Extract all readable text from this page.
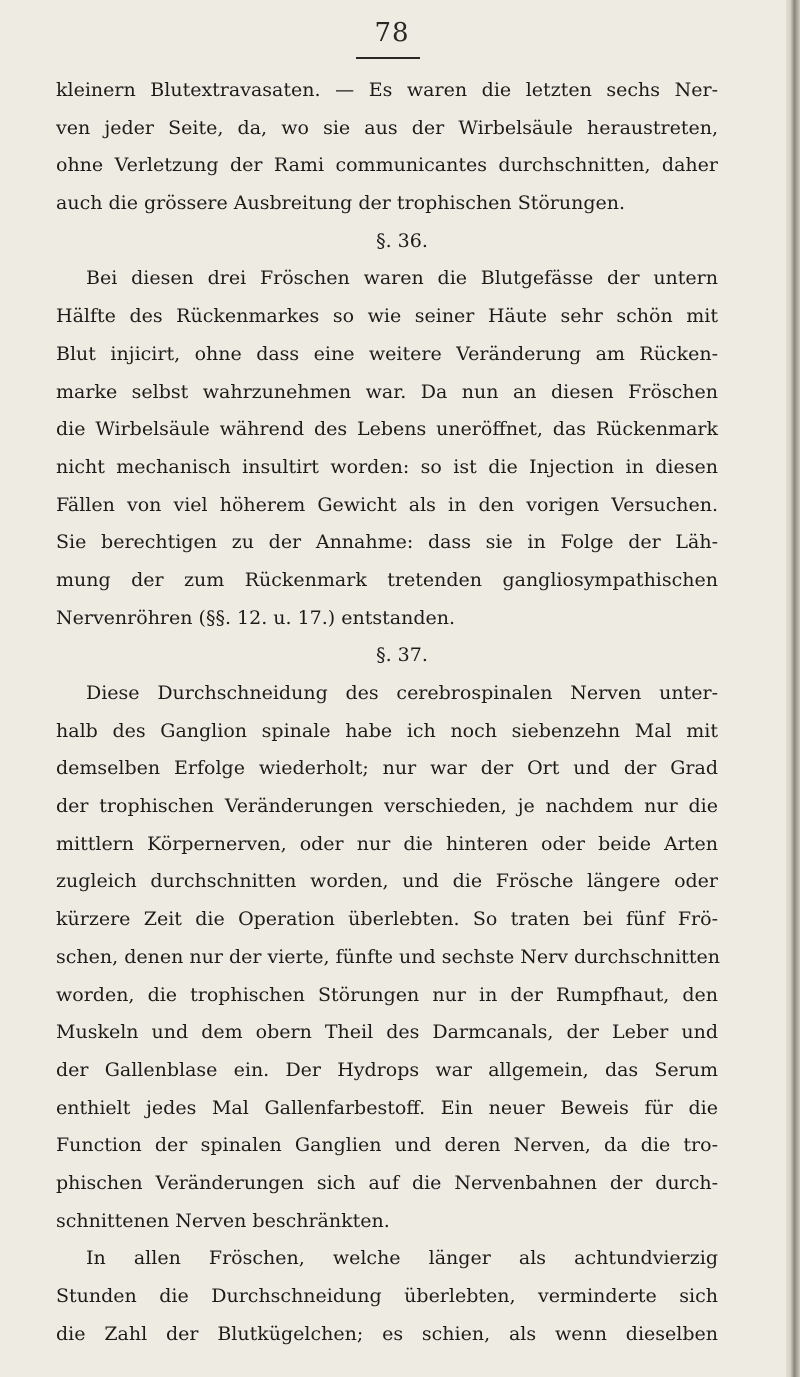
78
kleinern Blutextravasaten. — Es waren die letzten sechs Ner-
ven jeder Seite, da, wo sie aus der Wirbelsäule heraustreten,
ohne Verletzung der Rami communicantes durchschnitten, daher
auch die grössere Ausbreitung der trophischen Störungen.
§. 36.
Bei diesen drei Fröschen waren die Blutgefässe der untern
Hälfte des Rückenmarkes so wie seiner Häute sehr schön mit
Blut injicirt, ohne dass eine weitere Veränderung am Rücken-
marke selbst wahrzunehmen war. Da nun an diesen Fröschen
die Wirbelsäule während des Lebens uneröffnet, das Rückenmark
nicht mechanisch insultirt worden: so ist die Injection in diesen
Fällen von viel höherem Gewicht als in den vorigen Versuchen.
Sie berechtigen zu der Annahme: dass sie in Folge der Läh-
mung der zum Rückenmark tretenden gangliosympathischen
Nervenröhren (§§. 12. u. 17.) entstanden.
§. 37.
Diese Durchschneidung des cerebrospinalen Nerven unter-
halb des Ganglion spinale habe ich noch siebenzehn Mal mit
demselben Erfolge wiederholt; nur war der Ort und der Grad
der trophischen Veränderungen verschieden, je nachdem nur die
mittlern Körpernerven, oder nur die hinteren oder beide Arten
zugleich durchschnitten worden, und die Frösche längere oder
kürzere Zeit die Operation überlebten. So traten bei fünf Frö-
schen, denen nur der vierte, fünfte und sechste Nerv durchschnitten
worden, die trophischen Störungen nur in der Rumpfhaut, den
Muskeln und dem obern Theil des Darmcanals, der Leber und
der Gallenblase ein. Der Hydrops war allgemein, das Serum
enthielt jedes Mal Gallenfarbestoff. Ein neuer Beweis für die
Function der spinalen Ganglien und deren Nerven, da die tro-
phischen Veränderungen sich auf die Nervenbahnen der durch-
schnittenen Nerven beschränkten.
In allen Fröschen, welche länger als achtundvierzig
Stunden die Durchschneidung überlebten, verminderte sich
die Zahl der Blutkügelchen; es schien, als wenn dieselben
